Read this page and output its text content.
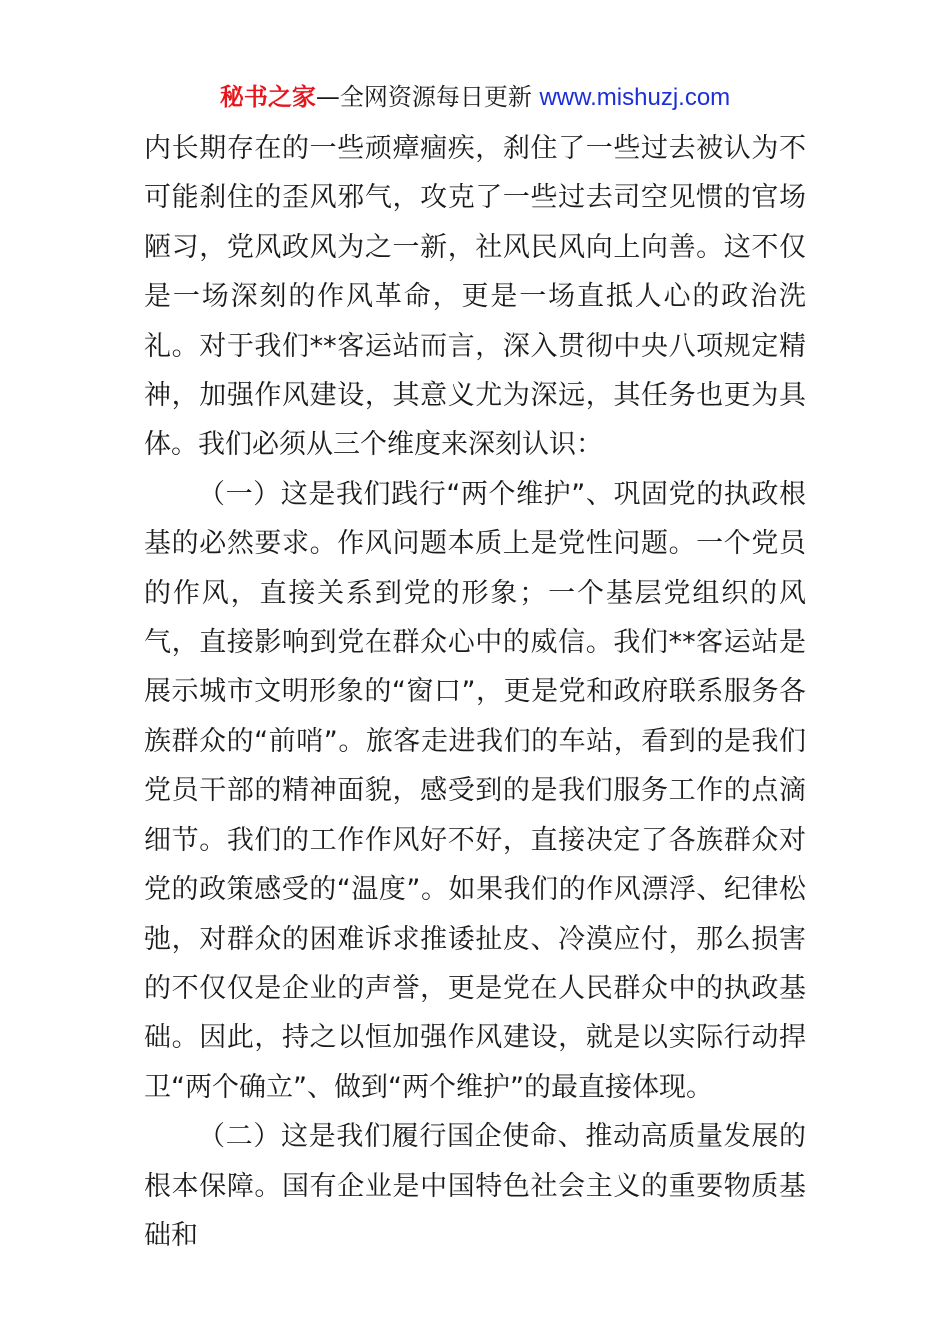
秘书之家—全网资源每日更新 www.mishuzj.com

内长期存在的一些顽瘴痼疾，刹住了一些过去被认为不可能刹住的歪风邪气，攻克了一些过去司空见惯的官场陋习，党风政风为之一新，社风民风向上向善。这不仅是一场深刻的作风革命，更是一场直抵人心的政治洗礼。对于我们**客运站而言，深入贯彻中央八项规定精神，加强作风建设，其意义尤为深远，其任务也更为具体。我们必须从三个维度来深刻认识：

（一）这是我们践行“两个维护”、巩固党的执政根基的必然要求。作风问题本质上是党性问题。一个党员的作风，直接关系到党的形象；一个基层党组织的风气，直接影响到党在群众心中的威信。我们**客运站是展示城市文明形象的“窗口”，更是党和政府联系服务各族群众的“前哨”。旅客走进我们的车站，看到的是我们党员干部的精神面貌，感受到的是我们服务工作的点滴细节。我们的工作作风好不好，直接决定了各族群众对党的政策感受的“温度”。如果我们的作风漂浮、纪律松弛，对群众的困难诉求推诿扯皮、冷漠应付，那么损害的不仅仅是企业的声誉，更是党在人民群众中的执政基础。因此，持之以恒加强作风建设，就是以实际行动捍卫“两个确立”、做到“两个维护”的最直接体现。

（二）这是我们履行国企使命、推动高质量发展的根本保障。国有企业是中国特色社会主义的重要物质基础和
